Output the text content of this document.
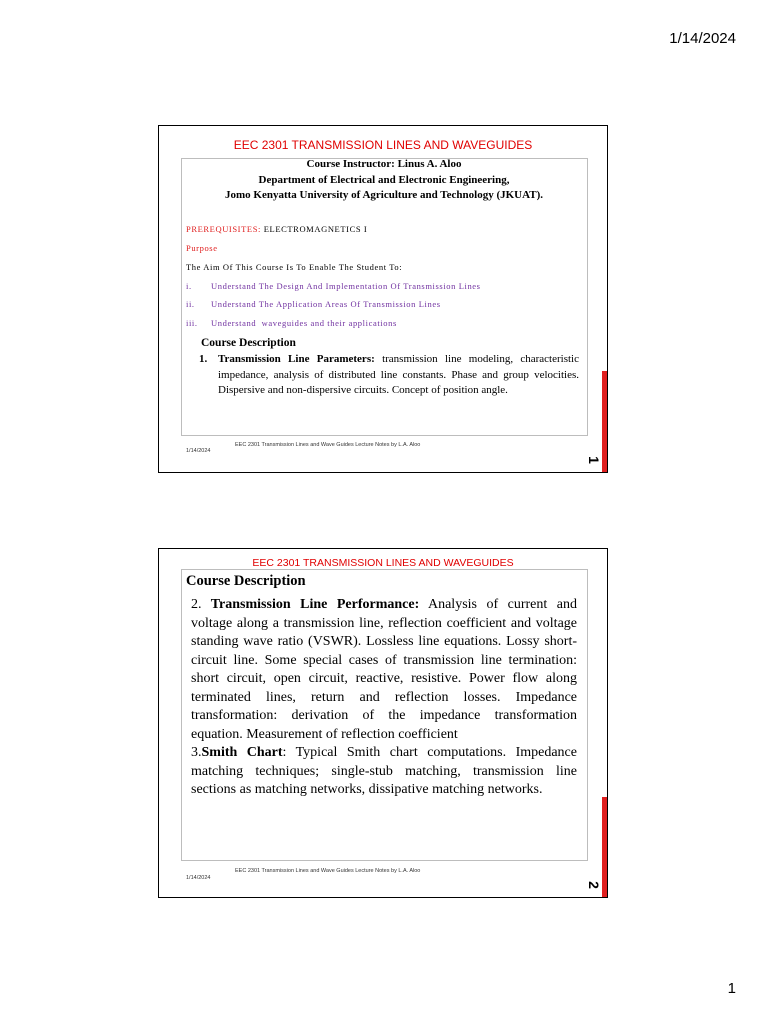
1/14/2024
EEC 2301 TRANSMISSION LINES AND WAVEGUIDES
Course Instructor: Linus A. Aloo
Department of Electrical and Electronic Engineering,
Jomo Kenyatta University of Agriculture and Technology (JKUAT).
PREREQUISITES: ELECTROMAGNETICS I
Purpose
The Aim Of This Course Is To Enable The Student To:
i. Understand The Design And Implementation Of Transmission Lines
ii. Understand The Application Areas Of Transmission Lines
iii. Understand  waveguides and their applications
Course Description
1. Transmission Line Parameters: transmission line modeling, characteristic impedance, analysis of distributed line constants. Phase and group velocities. Dispersive and non-dispersive circuits. Concept of position angle.
EEC 2301 Transmission Lines and Wave Guides Lecture Notes by L.A. Aloo
1/14/2024
1
EEC 2301 TRANSMISSION LINES AND WAVEGUIDES
Course Description

2. Transmission Line Performance: Analysis of current and voltage along a transmission line, reflection coefficient and voltage standing wave ratio (VSWR). Lossless line equations. Lossy short-circuit line. Some special cases of transmission line termination: short circuit, open circuit, reactive, resistive. Power flow along terminated lines, return and reflection losses. Impedance transformation: derivation of the impedance transformation equation. Measurement of reflection coefficient

3.Smith Chart: Typical Smith chart computations. Impedance matching techniques; single-stub matching, transmission line sections as matching networks, dissipative matching networks.

EEC 2301 Transmission Lines and Wave Guides Lecture Notes by L.A. Aloo
1/14/2024
2
1
